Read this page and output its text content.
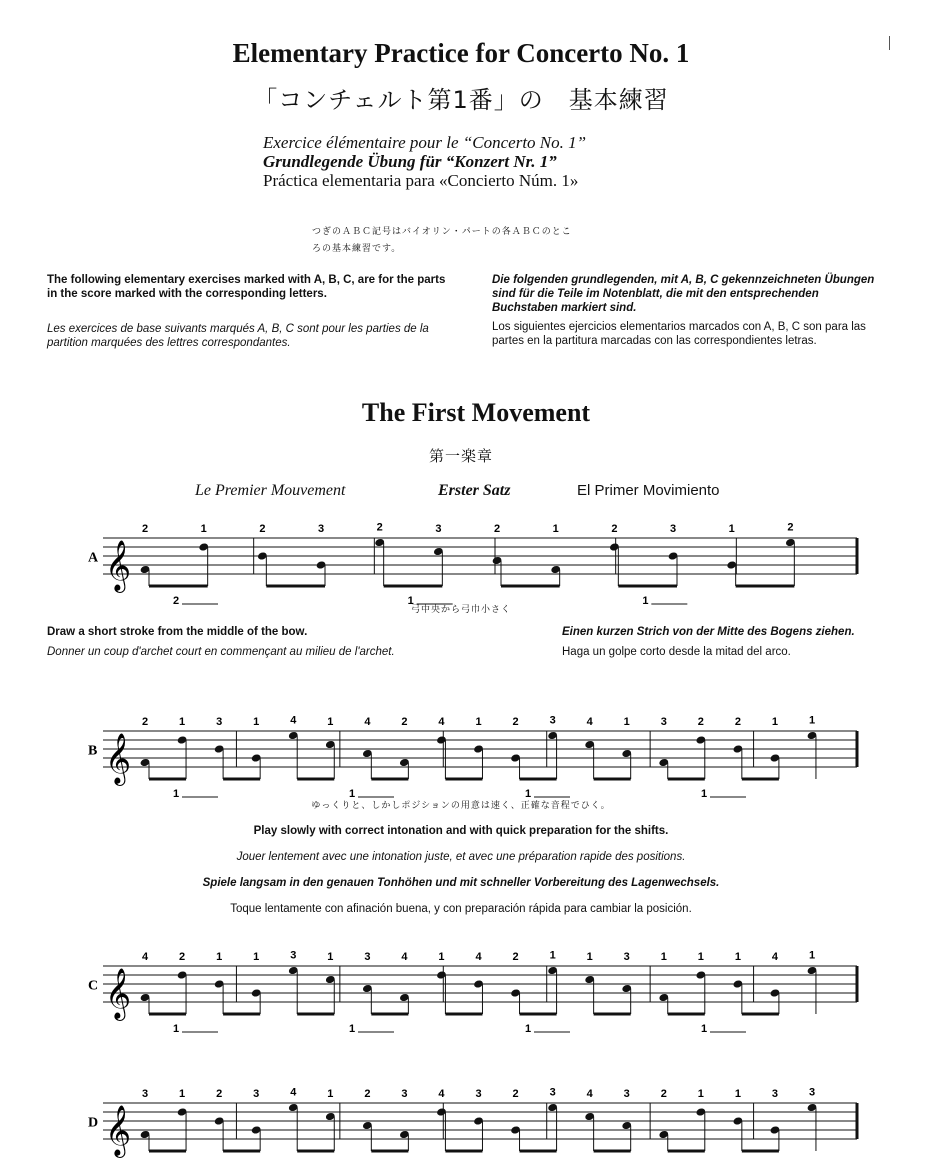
Elementary Practice for Concerto No. 1
「コンチェルト第1番」の　基本練習
Exercice élémentaire pour le “Concerto No. 1”
Grundlegende Übung für “Konzert Nr. 1”
Práctica elementaria para «Concierto Núm. 1»
つぎのＡＢＣ記号はバイオリン・パートの各ＡＢＣのとこ
ろの基本練習です。
The following elementary exercises marked with A, B, C, are for the parts in the score marked with the corresponding letters.
Die folgenden grundlegenden, mit A, B, C gekennzeichneten Übungen sind für die Teile im Notenblatt, die mit den entsprechenden Buchstaben markiert sind.
Les exercices de base suivants marqués A, B, C sont pour les parties de la partition marquées des lettres correspondantes.
Los siguientes ejercicios elementarios marcados con A, B, C son para las partes en la partitura marcadas con las correspondientes letras.
The First Movement
第一楽章
Le Premier Mouvement	Erster Satz	El Primer Movimiento
A 𝄞
2	1	2	3	2	3	2	1	2	3	1	2
2	1	1
弓中央から弓巾小さく
Draw a short stroke from the middle of the bow.
Donner un coup d'archet court en commençant au milieu de l'archet.
Einen kurzen Strich von der Mitte des Bogens ziehen.
Haga un golpe corto desde la mitad del arco.
B 𝄞
2	1	3	1	4	1	4	2	4	1	2	3	4	1	3	2	2	1	1
1	1	1	1
ゆっくりと、しかしポジションの用意は速く、正確な音程でひく。
Play slowly with correct intonation and with quick preparation for the shifts.
Jouer lentement avec une intonation juste, et avec une préparation rapide des positions.
Spiele langsam in den genauen Tonhöhen und mit schneller Vorbereitung des Lagenwechsels.
Toque lentamente con afinación buena, y con preparación rápida para cambiar la posición.
C 𝄞
4	2	1	1	3	1	3	4	1	4	2	1	1	3	1	1	1	4	1
1	1	1	1
D 𝄞
3	1	2	3	4	1	2	3	4	3	2	3	4	3	2	1	1	3	3
